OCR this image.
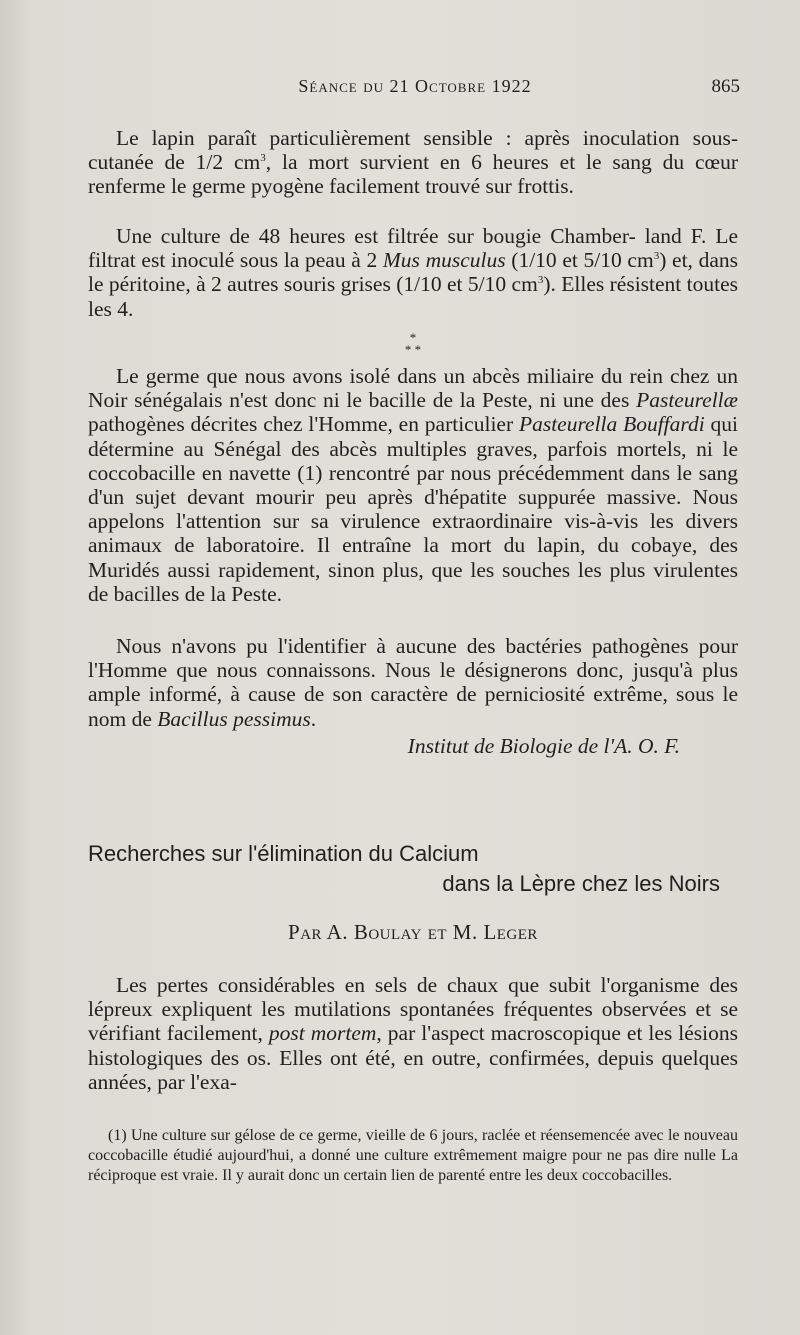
Séance du 21 Octobre 1922	865

Le lapin paraît particulièrement sensible : après inoculation sous-cutanée de 1/2 $cm^3$, la mort survient en 6 heures et le sang du cœur renferme le germe pyogène facilement trouvé sur frottis.

Une culture de 48 heures est filtrée sur bougie Chamber- land F. Le filtrat est inoculé sous la peau à 2 Mus musculus (1/10 et 5/10 $cm^3$) et, dans le péritoine, à 2 autres souris grises (1/10 et 5/10 $cm^3$). Elles résistent toutes les 4.

*
* *

Le germe que nous avons isolé dans un abcès miliaire du rein chez un Noir sénégalais n'est donc ni le bacille de la Peste, ni une des Pasteurellæ pathogènes décrites chez l'Homme, en particulier Pasteurella Bouffardi qui détermine au Sénégal des abcès multiples graves, parfois mortels, ni le coccobacille en navette (1) rencontré par nous précédemment dans le sang d'un sujet devant mourir peu après d'hépatite suppurée massive. Nous appelons l'attention sur sa virulence extraordinaire vis-à-vis les divers animaux de laboratoire. Il entraîne la mort du lapin, du cobaye, des Muridés aussi rapidement, sinon plus, que les souches les plus virulentes de bacilles de la Peste.

Nous n'avons pu l'identifier à aucune des bactéries pathogènes pour l'Homme que nous connaissons. Nous le désignerons donc, jusqu'à plus ample informé, à cause de son caractère de perniciosité extrême, sous le nom de Bacillus pessimus.

Institut de Biologie de l'A. O. F.
Recherches sur l'élimination du Calcium
dans la Lèpre chez les Noirs
Par A. Boulay et M. Leger

Les pertes considérables en sels de chaux que subit l'organisme des lépreux expliquent les mutilations spontanées fréquentes observées et se vérifiant facilement, post mortem, par l'aspect macroscopique et les lésions histologiques des os. Elles ont été, en outre, confirmées, depuis quelques années, par l'exa-

(1) Une culture sur gélose de ce germe, vieille de 6 jours, raclée et réensemencée avec le nouveau coccobacille étudié aujourd'hui, a donné une culture extrêmement maigre pour ne pas dire nulle La réciproque est vraie. Il y aurait donc un certain lien de parenté entre les deux coccobacilles.
